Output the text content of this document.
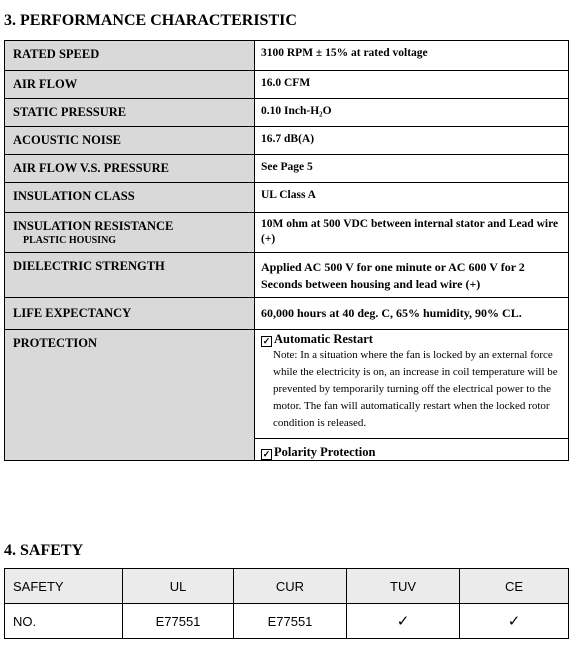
3. PERFORMANCE CHARACTERISTIC
RATED SPEED	3100 RPM ± 15% at rated voltage
AIR FLOW	16.0 CFM
STATIC PRESSURE	0.10 Inch-H₂O
ACOUSTIC NOISE	16.7 dB(A)
AIR FLOW V.S. PRESSURE	See Page 5
INSULATION CLASS	UL Class A
INSULATION RESISTANCE
PLASTIC HOUSING	10M ohm at 500 VDC between internal stator and Lead wire (+)
DIELECTRIC STRENGTH	Applied AC 500 V for one minute or AC 600 V for 2 Seconds between housing and lead wire (+)
LIFE EXPECTANCY	60,000 hours at 40 deg. C, 65% humidity, 90% CL.
PROTECTION	✓ Automatic Restart
Note: In a situation where the fan is locked by an external force while the electricity is on, an increase in coil temperature will be prevented by temporarily turning off the electrical power to the motor. The fan will automatically restart when the locked rotor condition is released.
✓ Polarity Protection
4. SAFETY
SAFETY	UL	CUR	TUV	CE
NO.	E77551	E77551	✓	✓
